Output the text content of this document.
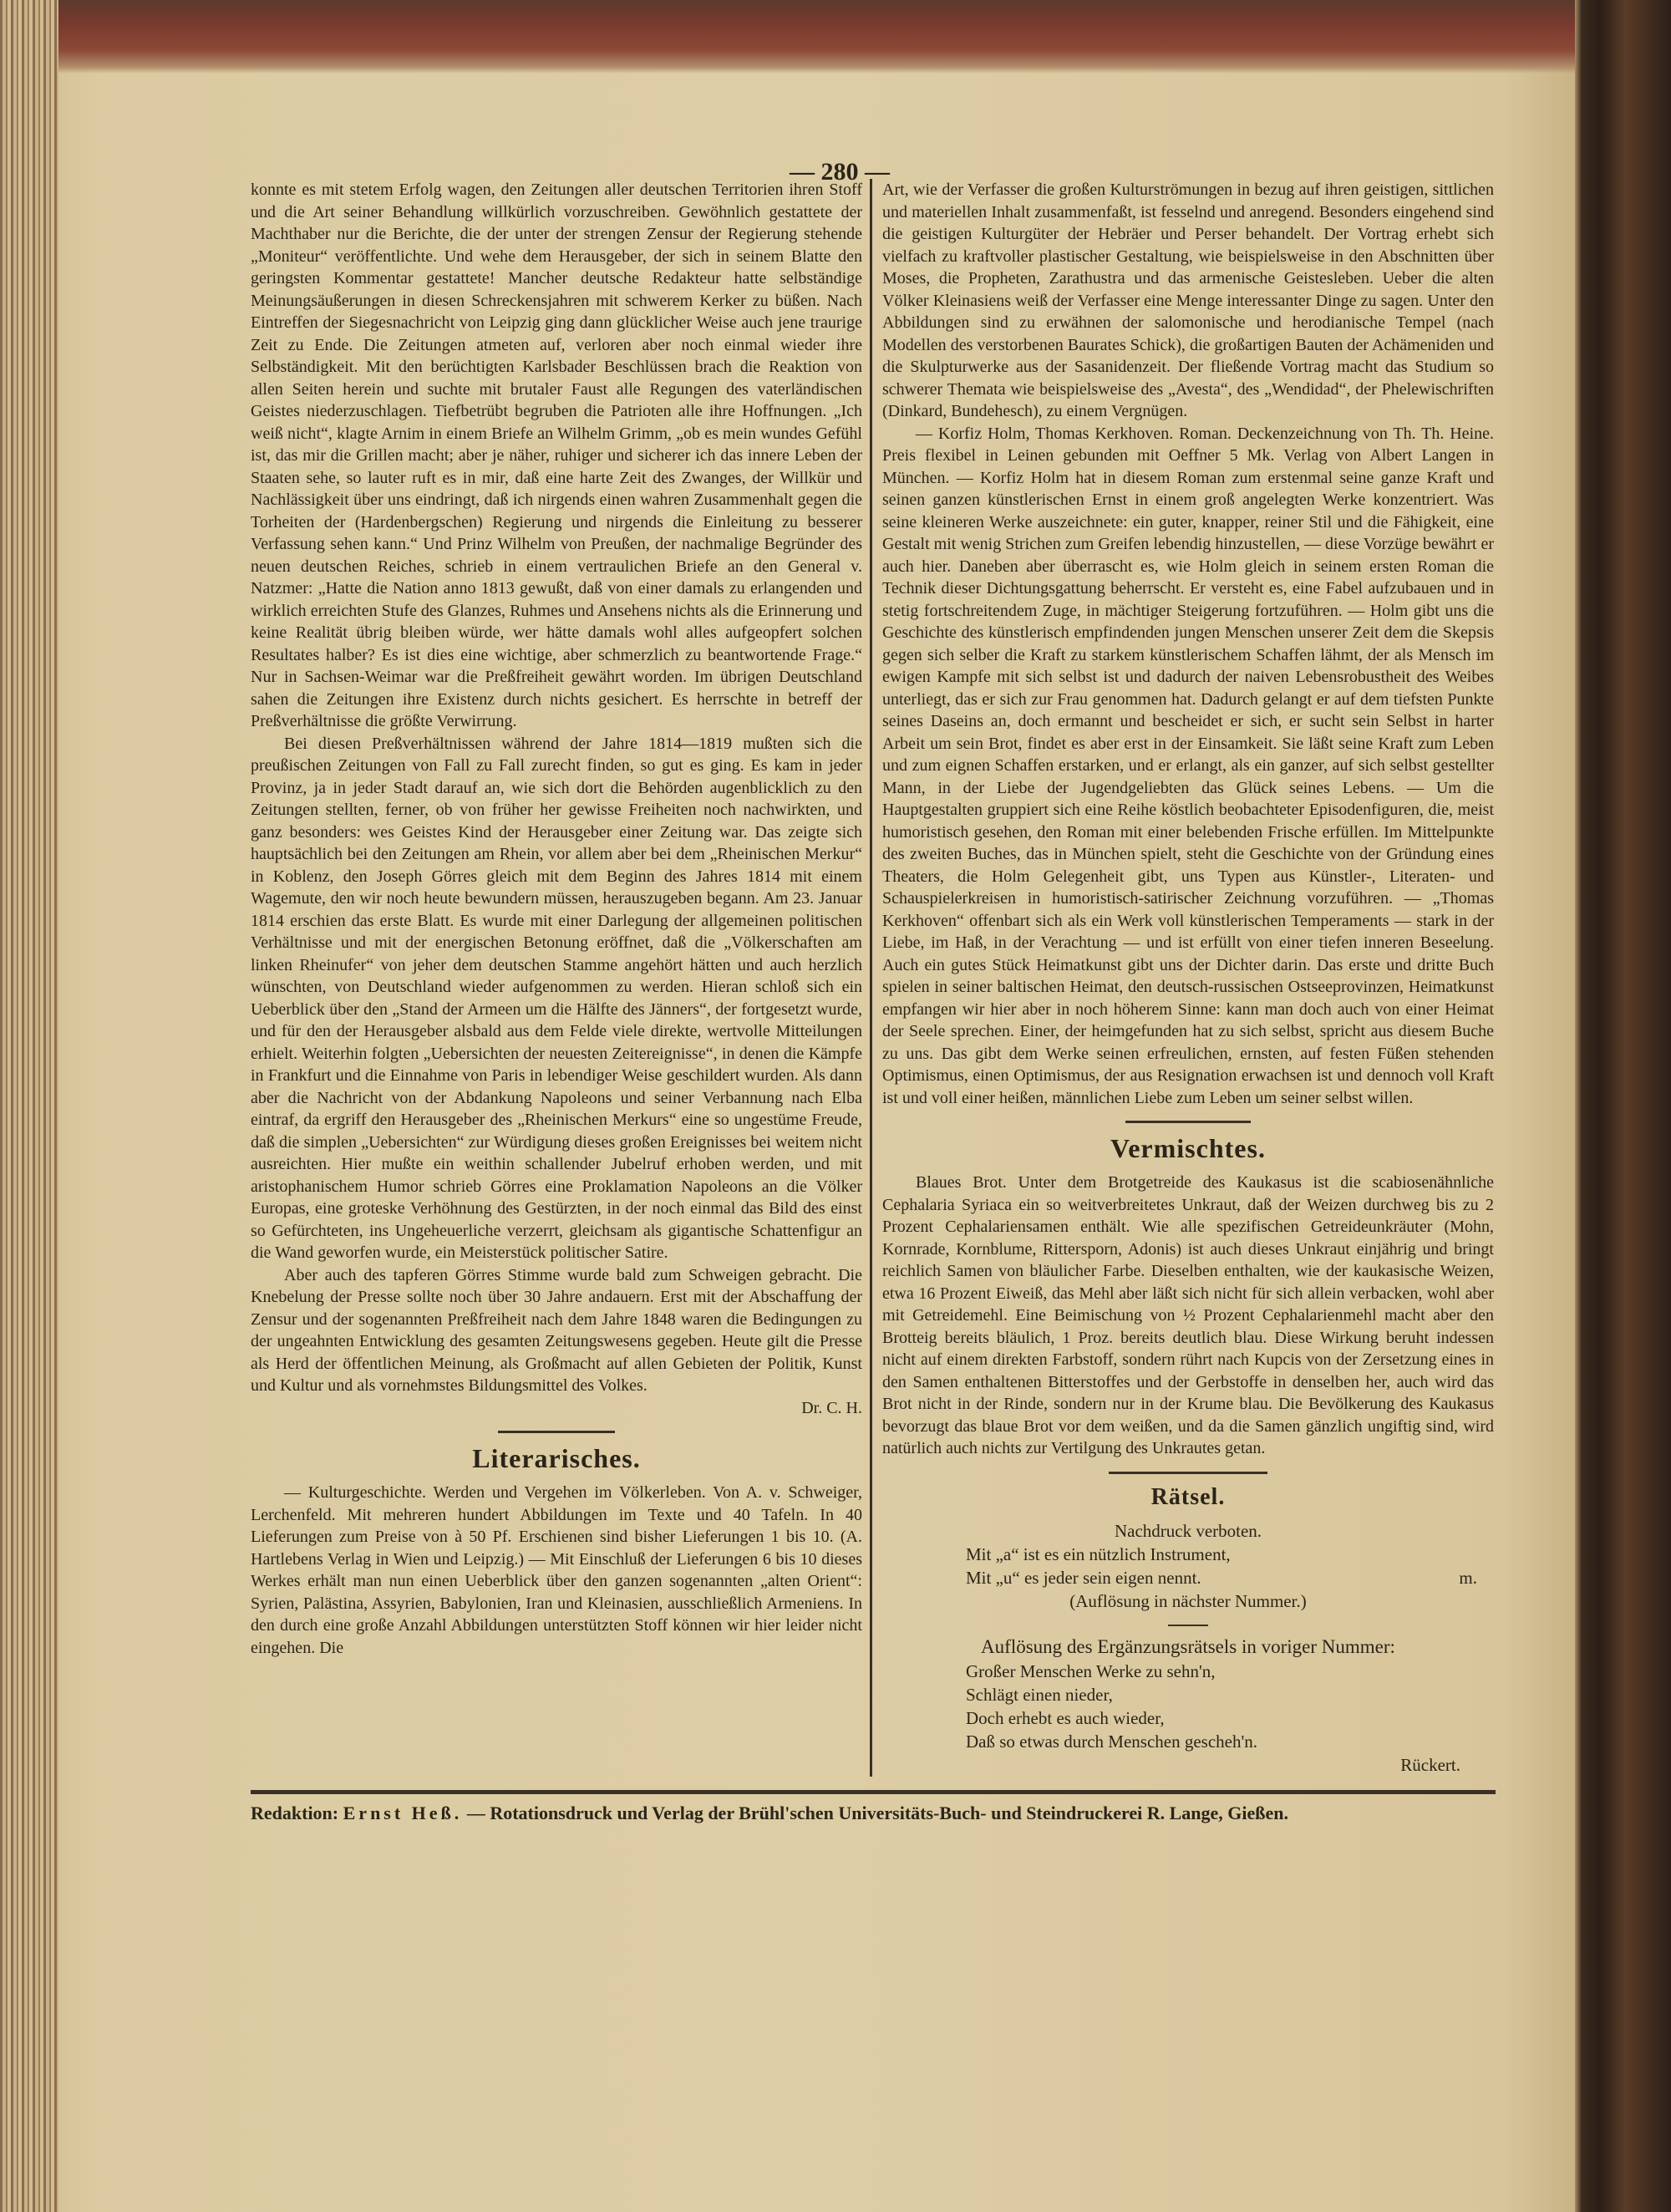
— 280 —

konnte es mit stetem Erfolg wagen, den Zeitungen aller deutschen Territorien ihren Stoff und die Art seiner Behandlung willkürlich vorzuschreiben. Gewöhnlich gestattete der Machthaber nur die Berichte, die der unter der strengen Zensur der Regierung stehende „Moniteur“ veröffentlichte. Und wehe dem Herausgeber, der sich in seinem Blatte den geringsten Kommentar gestattete! Mancher deutsche Redakteur hatte selbständige Meinungsäußerungen in diesen Schreckensjahren mit schwerem Kerker zu büßen. Nach Eintreffen der Siegesnachricht von Leipzig ging dann glücklicher Weise auch jene traurige Zeit zu Ende. Die Zeitungen atmeten auf, verloren aber noch einmal wieder ihre Selbständigkeit. Mit den berüchtigten Karlsbader Beschlüssen brach die Reaktion von allen Seiten herein und suchte mit brutaler Faust alle Regungen des vaterländischen Geistes niederzuschlagen. Tiefbetrübt begruben die Patrioten alle ihre Hoffnungen. „Ich weiß nicht“, klagte Arnim in einem Briefe an Wilhelm Grimm, „ob es mein wundes Gefühl ist, das mir die Grillen macht; aber je näher, ruhiger und sicherer ich das innere Leben der Staaten sehe, so lauter ruft es in mir, daß eine harte Zeit des Zwanges, der Willkür und Nachlässigkeit über uns eindringt, daß ich nirgends einen wahren Zusammenhalt gegen die Torheiten der (Hardenbergschen) Regierung und nirgends die Einleitung zu besserer Verfassung sehen kann.“ Und Prinz Wilhelm von Preußen, der nachmalige Begründer des neuen deutschen Reiches, schrieb in einem vertraulichen Briefe an den General v. Natzmer: „Hatte die Nation anno 1813 gewußt, daß von einer damals zu erlangenden und wirklich erreichten Stufe des Glanzes, Ruhmes und Ansehens nichts als die Erinnerung und keine Realität übrig bleiben würde, wer hätte damals wohl alles aufgeopfert solchen Resultates halber? Es ist dies eine wichtige, aber schmerzlich zu beantwortende Frage.“ Nur in Sachsen-Weimar war die Preßfreiheit gewährt worden. Im übrigen Deutschland sahen die Zeitungen ihre Existenz durch nichts gesichert. Es herrschte in betreff der Preßverhältnisse die größte Verwirrung.

Bei diesen Preßverhältnissen während der Jahre 1814—1819 mußten sich die preußischen Zeitungen von Fall zu Fall zurecht finden, so gut es ging. Es kam in jeder Provinz, ja in jeder Stadt darauf an, wie sich dort die Behörden augenblicklich zu den Zeitungen stellten, ferner, ob von früher her gewisse Freiheiten noch nachwirkten, und ganz besonders: wes Geistes Kind der Herausgeber einer Zeitung war. Das zeigte sich hauptsächlich bei den Zeitungen am Rhein, vor allem aber bei dem „Rheinischen Merkur“ in Koblenz, den Joseph Görres gleich mit dem Beginn des Jahres 1814 mit einem Wagemute, den wir noch heute bewundern müssen, herauszugeben begann. Am 23. Januar 1814 erschien das erste Blatt. Es wurde mit einer Darlegung der allgemeinen politischen Verhältnisse und mit der energischen Betonung eröffnet, daß die „Völkerschaften am linken Rheinufer“ von jeher dem deutschen Stamme angehört hätten und auch herzlich wünschten, von Deutschland wieder aufgenommen zu werden. Hieran schloß sich ein Ueberblick über den „Stand der Armeen um die Hälfte des Jänners“, der fortgesetzt wurde, und für den der Herausgeber alsbald aus dem Felde viele direkte, wertvolle Mitteilungen erhielt. Weiterhin folgten „Uebersichten der neuesten Zeitereignisse“, in denen die Kämpfe in Frankfurt und die Einnahme von Paris in lebendiger Weise geschildert wurden. Als dann aber die Nachricht von der Abdankung Napoleons und seiner Verbannung nach Elba eintraf, da ergriff den Herausgeber des „Rheinischen Merkurs“ eine so ungestüme Freude, daß die simplen „Uebersichten“ zur Würdigung dieses großen Ereignisses bei weitem nicht ausreichten. Hier mußte ein weithin schallender Jubelruf erhoben werden, und mit aristophanischem Humor schrieb Görres eine Proklamation Napoleons an die Völker Europas, eine groteske Verhöhnung des Gestürzten, in der noch einmal das Bild des einst so Gefürchteten, ins Ungeheuerliche verzerrt, gleichsam als gigantische Schattenfigur an die Wand geworfen wurde, ein Meisterstück politischer Satire.

Aber auch des tapferen Görres Stimme wurde bald zum Schweigen gebracht. Die Knebelung der Presse sollte noch über 30 Jahre andauern. Erst mit der Abschaffung der Zensur und der sogenannten Preßfreiheit nach dem Jahre 1848 waren die Bedingungen zu der ungeahnten Entwicklung des gesamten Zeitungswesens gegeben. Heute gilt die Presse als Herd der öffentlichen Meinung, als Großmacht auf allen Gebieten der Politik, Kunst und Kultur und als vornehmstes Bildungsmittel des Volkes.

Dr. C. H.

Literarisches.

— Kulturgeschichte. Werden und Vergehen im Völkerleben. Von A. v. Schweiger, Lerchenfeld. Mit mehreren hundert Abbildungen im Texte und 40 Tafeln. In 40 Lieferungen zum Preise von à 50 Pf. Erschienen sind bisher Lieferungen 1 bis 10. (A. Hartlebens Verlag in Wien und Leipzig.) — Mit Einschluß der Lieferungen 6 bis 10 dieses Werkes erhält man nun einen Ueberblick über den ganzen sogenannten „alten Orient“: Syrien, Palästina, Assyrien, Babylonien, Iran und Kleinasien, ausschließlich Armeniens. In den durch eine große Anzahl Abbildungen unterstützten Stoff können wir hier leider nicht eingehen. Die

Art, wie der Verfasser die großen Kulturströmungen in bezug auf ihren geistigen, sittlichen und materiellen Inhalt zusammenfaßt, ist fesselnd und anregend. Besonders eingehend sind die geistigen Kulturgüter der Hebräer und Perser behandelt. Der Vortrag erhebt sich vielfach zu kraftvoller plastischer Gestaltung, wie beispielsweise in den Abschnitten über Moses, die Propheten, Zarathustra und das armenische Geistesleben. Ueber die alten Völker Kleinasiens weiß der Verfasser eine Menge interessanter Dinge zu sagen. Unter den Abbildungen sind zu erwähnen der salomonische und herodianische Tempel (nach Modellen des verstorbenen Baurates Schick), die großartigen Bauten der Achämeniden und die Skulpturwerke aus der Sasanidenzeit. Der fließende Vortrag macht das Studium so schwerer Themata wie beispielsweise des „Avesta“, des „Wendidad“, der Phelewischriften (Dinkard, Bundehesch), zu einem Vergnügen.

— Korfiz Holm, Thomas Kerkhoven. Roman. Deckenzeichnung von Th. Th. Heine. Preis flexibel in Leinen gebunden mit Oeffner 5 Mk. Verlag von Albert Langen in München. — Korfiz Holm hat in diesem Roman zum erstenmal seine ganze Kraft und seinen ganzen künstlerischen Ernst in einem groß angelegten Werke konzentriert. Was seine kleineren Werke auszeichnete: ein guter, knapper, reiner Stil und die Fähigkeit, eine Gestalt mit wenig Strichen zum Greifen lebendig hinzustellen, — diese Vorzüge bewährt er auch hier. Daneben aber überrascht es, wie Holm gleich in seinem ersten Roman die Technik dieser Dichtungsgattung beherrscht. Er versteht es, eine Fabel aufzubauen und in stetig fortschreitendem Zuge, in mächtiger Steigerung fortzuführen. — Holm gibt uns die Geschichte des künstlerisch empfindenden jungen Menschen unserer Zeit dem die Skepsis gegen sich selber die Kraft zu starkem künstlerischem Schaffen lähmt, der als Mensch im ewigen Kampfe mit sich selbst ist und dadurch der naiven Lebensrobustheit des Weibes unterliegt, das er sich zur Frau genommen hat. Dadurch gelangt er auf dem tiefsten Punkte seines Daseins an, doch ermannt und bescheidet er sich, er sucht sein Selbst in harter Arbeit um sein Brot, findet es aber erst in der Einsamkeit. Sie läßt seine Kraft zum Leben und zum eignen Schaffen erstarken, und er erlangt, als ein ganzer, auf sich selbst gestellter Mann, in der Liebe der Jugendgeliebten das Glück seines Lebens. — Um die Hauptgestalten gruppiert sich eine Reihe köstlich beobachteter Episodenfiguren, die, meist humoristisch gesehen, den Roman mit einer belebenden Frische erfüllen. Im Mittelpunkte des zweiten Buches, das in München spielt, steht die Geschichte von der Gründung eines Theaters, die Holm Gelegenheit gibt, uns Typen aus Künstler-, Literaten- und Schauspielerkreisen in humoristisch-satirischer Zeichnung vorzuführen. — „Thomas Kerkhoven“ offenbart sich als ein Werk voll künstlerischen Temperaments — stark in der Liebe, im Haß, in der Verachtung — und ist erfüllt von einer tiefen inneren Beseelung. Auch ein gutes Stück Heimatkunst gibt uns der Dichter darin. Das erste und dritte Buch spielen in seiner baltischen Heimat, den deutsch-russischen Ostseeprovinzen, Heimatkunst empfangen wir hier aber in noch höherem Sinne: kann man doch auch von einer Heimat der Seele sprechen. Einer, der heimgefunden hat zu sich selbst, spricht aus diesem Buche zu uns. Das gibt dem Werke seinen erfreulichen, ernsten, auf festen Füßen stehenden Optimismus, einen Optimismus, der aus Resignation erwachsen ist und dennoch voll Kraft ist und voll einer heißen, männlichen Liebe zum Leben um seiner selbst willen.

Vermischtes.

Blaues Brot. Unter dem Brotgetreide des Kaukasus ist die scabiosenähnliche Cephalaria Syriaca ein so weitverbreitetes Unkraut, daß der Weizen durchweg bis zu 2 Prozent Cephalariensamen enthält. Wie alle spezifischen Getreideunkräuter (Mohn, Kornrade, Kornblume, Rittersporn, Adonis) ist auch dieses Unkraut einjährig und bringt reichlich Samen von bläulicher Farbe. Dieselben enthalten, wie der kaukasische Weizen, etwa 16 Prozent Eiweiß, das Mehl aber läßt sich nicht für sich allein verbacken, wohl aber mit Getreidemehl. Eine Beimischung von ½ Prozent Cephalarienmehl macht aber den Brotteig bereits bläulich, 1 Proz. bereits deutlich blau. Diese Wirkung beruht indessen nicht auf einem direkten Farbstoff, sondern rührt nach Kupcis von der Zersetzung eines in den Samen enthaltenen Bitterstoffes und der Gerbstoffe in denselben her, auch wird das Brot nicht in der Rinde, sondern nur in der Krume blau. Die Bevölkerung des Kaukasus bevorzugt das blaue Brot vor dem weißen, und da die Samen gänzlich ungiftig sind, wird natürlich auch nichts zur Vertilgung des Unkrautes getan.

Rätsel.
Nachdruck verboten.
Mit „a“ ist es ein nützlich Instrument,
Mit „u“ es jeder sein eigen nennt.	m.
(Auflösung in nächster Nummer.)
Auflösung des Ergänzungsrätsels in voriger Nummer:
Großer Menschen Werke zu sehn'n,
Schlägt einen nieder,
Doch erhebt es auch wieder,
Daß so etwas durch Menschen gescheh'n.
Rückert.
Redaktion: Ernst Heß. — Rotationsdruck und Verlag der Brühl'schen Universitäts-Buch- und Steindruckerei R. Lange, Gießen.
